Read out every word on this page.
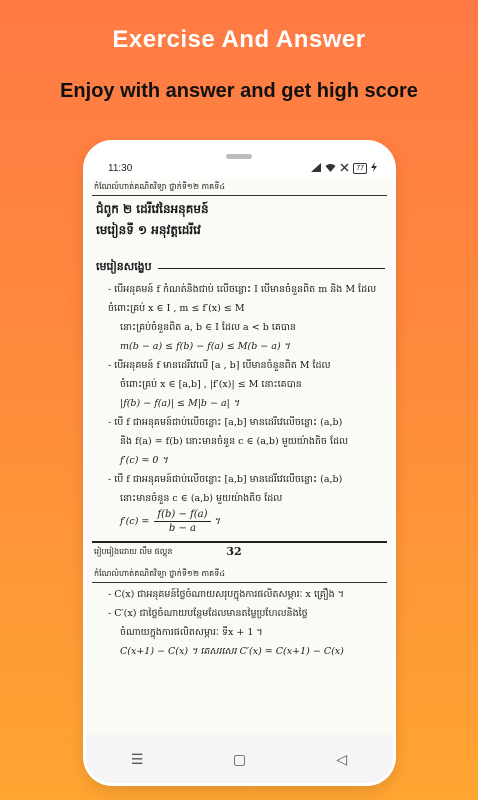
Exercise And Answer
Enjoy with answer and get high score
11:30	77
កំណែលំហាត់គណិតវិទ្យា ថ្នាក់ទី១២ ភាគទី៤
ជំពូក ២ ដេរីវេនៃអនុគមន៍
មេរៀនទី ១ អនុវត្តដេរីវេ
មេរៀនសង្ខេប
- បើអនុគមន៍ f កំណត់និងជាប់ លើចន្លោះ I បើមានចំនួនពិត m និង M ដែលចំពោះគ្រប់ x ∈ I , m ≤ f′(x) ≤ M
នោះគ្រប់ចំនួនពិត a, b ∈ I ដែល a < b គេបាន
m(b − a) ≤ f(b) − f(a) ≤ M(b − a) ។
- បើអនុគមន៍ f មានដេរីវេលើ [a , b] បើមានចំនួនពិត M ដែល
ចំពោះគ្រប់ x ∈ [a,b] , |f′(x)| ≤ M នោះគេបាន
|f(b) − f(a)| ≤ M|b − a| ។
- បើ f ជាអនុគមន៍ជាប់លើចន្លោះ [a,b] មានដេរីវេលើចន្លោះ (a,b)
និង f(a) = f(b) នោះមានចំនួន c ∈ (a,b) មួយយ៉ាងតិច ដែល
f′(c) = 0 ។
- បើ f ជាអនុគមន៍ជាប់លើចន្លោះ [a,b] មានដេរីវេលើចន្លោះ (a,b)
នោះមានចំនួន c ∈ (a,b) មួយយ៉ាងតិច ដែល
$f'(c) = \frac{f(b) - f(a)}{b - a}$ ។
រៀបរៀងដោយ លឹម ផល្គុន	32
កំណែលំហាត់គណិតវិទ្យា ថ្នាក់ទី១២ ភាគទី៤
- C(x) ជាអនុគមន៍ថ្លៃចំណាយសរុបក្នុងការផលិតសម្ភារៈ x គ្រឿង ។
- C′(x) ជាថ្លៃចំណាយបន្ថែមដែលមានតម្លៃប្រហែលនិងថ្លៃ
ចំណាយក្នុងការផលិតសម្ភារៈ ទីx + 1 ។
C(x+1) − C(x) ។ គេសរសេរ C′(x) = C(x+1) − C(x)
☰	▢	◁
